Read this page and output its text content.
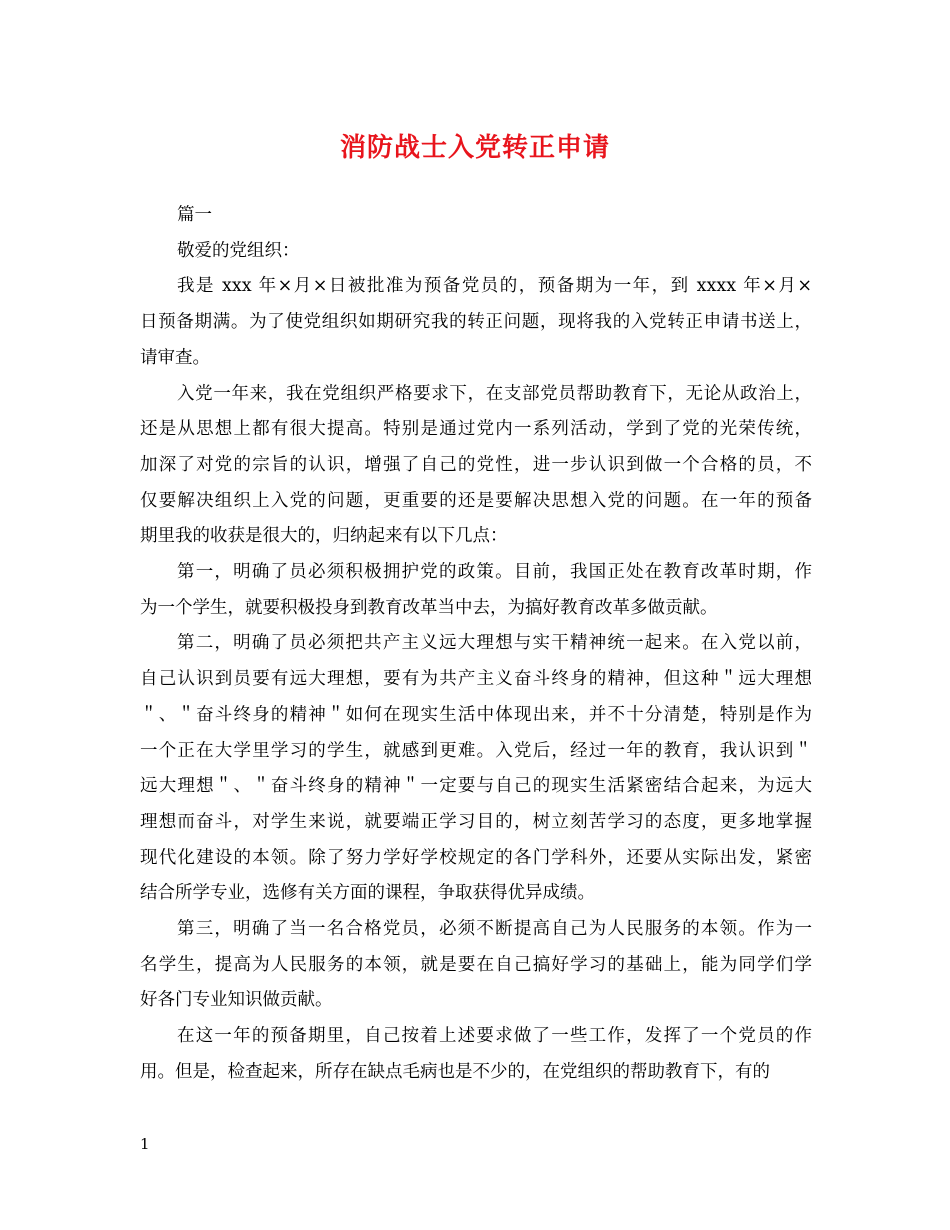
消防战士入党转正申请
篇一
敬爱的党组织：
我是 xxx 年×月×日被批准为预备党员的，预备期为一年，到 xxxx 年×月×
日预备期满。为了使党组织如期研究我的转正问题，现将我的入党转正申请书送上，
请审查。
入党一年来，我在党组织严格要求下，在支部党员帮助教育下，无论从政治上，
还是从思想上都有很大提高。特别是通过党内一系列活动，学到了党的光荣传统，
加深了对党的宗旨的认识，增强了自己的党性，进一步认识到做一个合格的员，不
仅要解决组织上入党的问题，更重要的还是要解决思想入党的问题。在一年的预备
期里我的收获是很大的，归纳起来有以下几点：
第一，明确了员必须积极拥护党的政策。目前，我国正处在教育改革时期，作
为一个学生，就要积极投身到教育改革当中去，为搞好教育改革多做贡献。
第二，明确了员必须把共产主义远大理想与实干精神统一起来。在入党以前，
自己认识到员要有远大理想，要有为共产主义奋斗终身的精神，但这种＂远大理想
＂、＂奋斗终身的精神＂如何在现实生活中体现出来，并不十分清楚，特别是作为
一个正在大学里学习的学生，就感到更难。入党后，经过一年的教育，我认识到＂
远大理想＂、＂奋斗终身的精神＂一定要与自己的现实生活紧密结合起来，为远大
理想而奋斗，对学生来说，就要端正学习目的，树立刻苦学习的态度，更多地掌握
现代化建设的本领。除了努力学好学校规定的各门学科外，还要从实际出发，紧密
结合所学专业，选修有关方面的课程，争取获得优异成绩。
第三，明确了当一名合格党员，必须不断提高自己为人民服务的本领。作为一
名学生，提高为人民服务的本领，就是要在自己搞好学习的基础上，能为同学们学
好各门专业知识做贡献。
在这一年的预备期里，自己按着上述要求做了一些工作，发挥了一个党员的作
用。但是，检查起来，所存在缺点毛病也是不少的，在党组织的帮助教育下，有的
1
